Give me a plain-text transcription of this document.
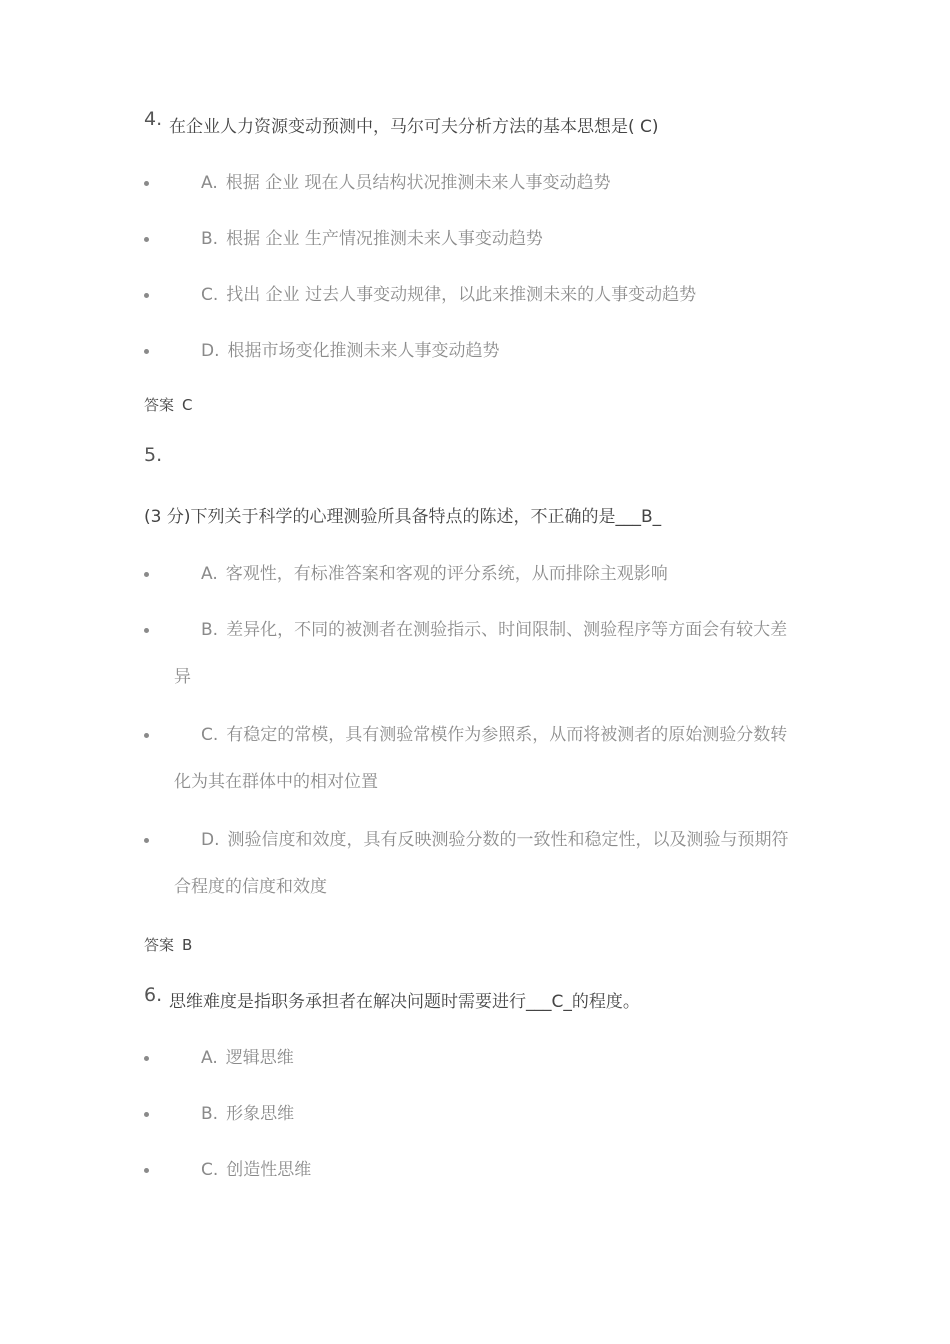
4. 在企业人力资源变动预测中，马尔可夫分析方法的基本思想是( C)
A. 根据 企业 现在人员结构状况推测未来人事变动趋势
B. 根据 企业 生产情况推测未来人事变动趋势
C. 找出 企业 过去人事变动规律，以此来推测未来的人事变动趋势
D. 根据市场变化推测未来人事变动趋势
答案 C
5.
(3 分)下列关于科学的心理测验所具备特点的陈述，不正确的是___B_
A. 客观性，有标准答案和客观的评分系统，从而排除主观影响
B. 差异化，不同的被测者在测验指示、时间限制、测验程序等方面会有较大差
异
C. 有稳定的常模，具有测验常模作为参照系，从而将被测者的原始测验分数转
化为其在群体中的相对位置
D. 测验信度和效度，具有反映测验分数的一致性和稳定性，以及测验与预期符
合程度的信度和效度
答案 B
6. 思维难度是指职务承担者在解决问题时需要进行___C_的程度。
A. 逻辑思维
B. 形象思维
C. 创造性思维
